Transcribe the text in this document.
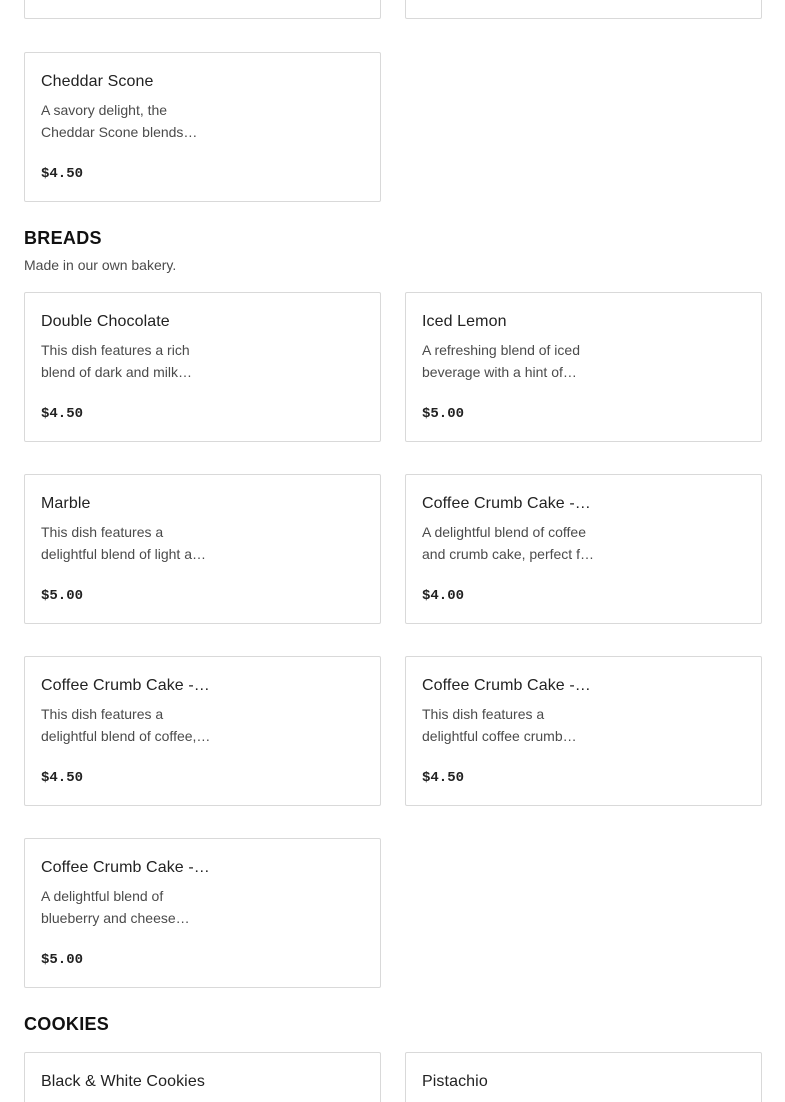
Cheddar Scone
A savory delight, the
Cheddar Scone blends…
$4.50
BREADS
Made in our own bakery.
Double Chocolate
This dish features a rich
blend of dark and milk…
$4.50
Iced Lemon
A refreshing blend of iced
beverage with a hint of…
$5.00
Marble
This dish features a
delightful blend of light a…
$5.00
Coffee Crumb Cake -…
A delightful blend of coffee
and crumb cake, perfect f…
$4.00
Coffee Crumb Cake -…
This dish features a
delightful blend of coffee,…
$4.50
Coffee Crumb Cake -…
This dish features a
delightful coffee crumb…
$4.50
Coffee Crumb Cake -…
A delightful blend of
blueberry and cheese…
$5.00
COOKIES
Black & White Cookies	Pistachio
